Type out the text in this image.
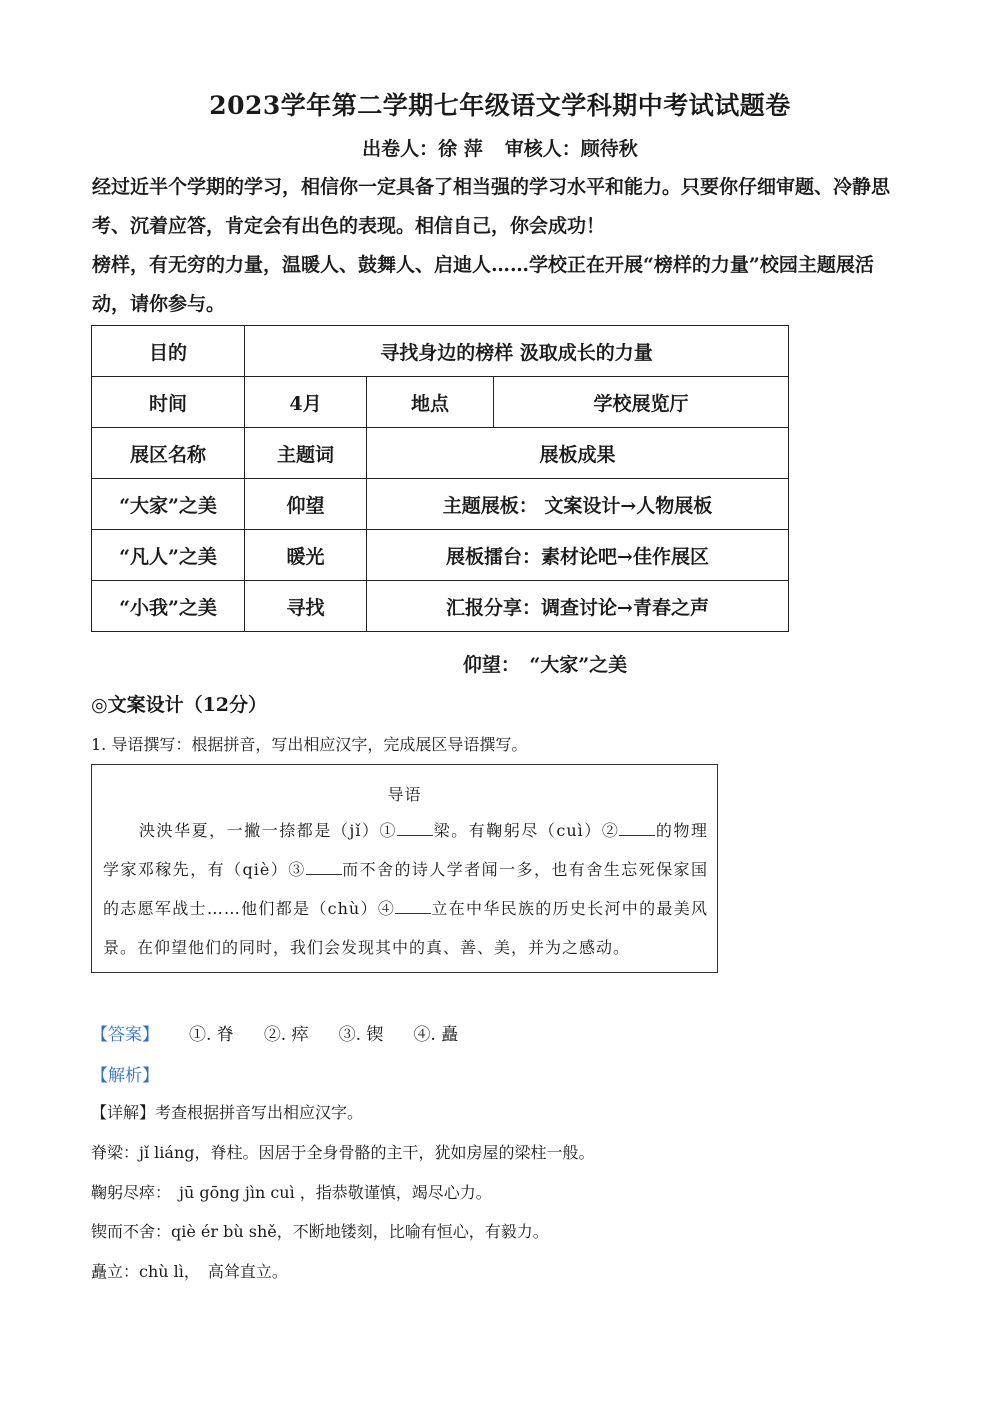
2023学年第二学期七年级语文学科期中考试试题卷
出卷人：徐 萍 审核人：顾待秋
经过近半个学期的学习，相信你一定具备了相当强的学习水平和能力。只要你仔细审题、冷静思考、沉着应答，肯定会有出色的表现。相信自己，你会成功！
榜样，有无穷的力量，温暖人、鼓舞人、启迪人……学校正在开展“榜样的力量”校园主题展活动，请你参与。
目的	寻找身边的榜样 汲取成长的力量		
时间	4月	地点	学校展览厅
展区名称	主题词	展板成果	
“大家”之美	仰望	主题展板： 文案设计→人物展板	
“凡人”之美	暖光	展板擂台：素材论吧→佳作展区	
“小我”之美	寻找	汇报分享：调查讨论→青春之声	
仰望：　“大家”之美
◎文案设计（12分）
1. 导语撰写：根据拼音，写出相应汉字，完成展区导语撰写。
导语
泱泱华夏，一撇一捺都是（jǐ）① 梁。有鞠躬尽（cuì）② 的物理学家邓稼先，有（qiè）③ 而不舍的诗人学者闻一多，也有舍生忘死保家国的志愿军战士……他们都是（chù）④ 立在中华民族的历史长河中的最美风景。在仰望他们的同时，我们会发现其中的真、善、美，并为之感动。
【答案】 ①. 脊 ②. 瘁 ③. 锲 ④. 矗
【解析】
【详解】考查根据拼音写出相应汉字。
脊梁：jǐ liáng，脊柱。因居于全身骨骼的主干，犹如房屋的梁柱一般。
鞠躬尽瘁：　jū gōng jìn cuì ，指恭敬谨慎，竭尽心力。
锲而不舍：qiè ér bù shě，不断地镂刻，比喻有恒心，有毅力。
矗立：chù lì，　高耸直立。
